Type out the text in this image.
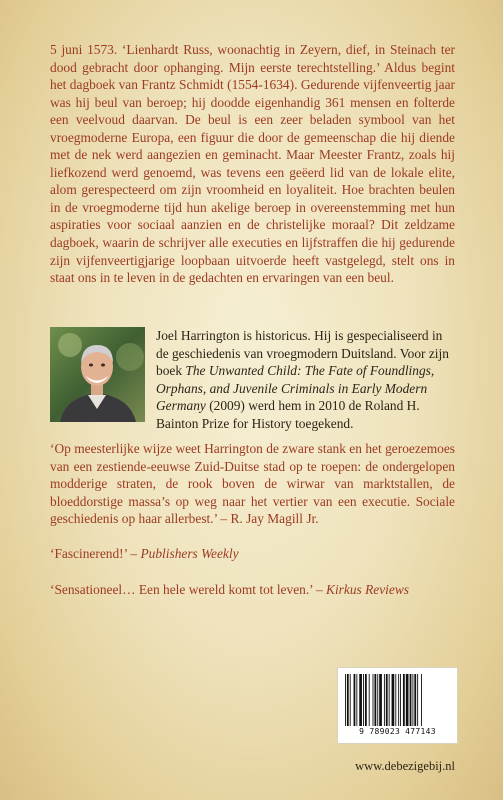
5 juni 1573. ‘Lienhardt Russ, woonachtig in Zeyern, dief, in Steinach ter dood gebracht door ophanging. Mijn eerste terechtstelling.’ Aldus begint het dagboek van Frantz Schmidt (1554-1634). Gedurende vijfenveertig jaar was hij beul van beroep; hij doodde eigenhandig 361 mensen en folterde een veelvoud daarvan. De beul is een zeer beladen symbool van het vroegmoderne Europa, een figuur die door de gemeenschap die hij diende met de nek werd aangezien en geminacht. Maar Meester Frantz, zoals hij liefkozend werd genoemd, was tevens een geëerd lid van de lokale elite, alom gerespecteerd om zijn vroomheid en loyaliteit. Hoe brachten beulen in de vroegmoderne tijd hun akelige beroep in overeenstemming met hun aspiraties voor sociaal aanzien en de christelijke moraal? Dit zeldzame dagboek, waarin de schrijver alle executies en lijfstraffen die hij gedurende zijn vijfenveertigjarige loopbaan uitvoerde heeft vastgelegd, stelt ons in staat ons in te leven in de gedachten en ervaringen van een beul.

Joel Harrington is historicus. Hij is gespecialiseerd in de geschiedenis van vroegmodern Duitsland. Voor zijn boek The Unwanted Child: The Fate of Foundlings, Orphans, and Juvenile Criminals in Early Modern Germany (2009) werd hem in 2010 de Roland H. Bainton Prize for History toegekend.

‘Op meesterlijke wijze weet Harrington de zware stank en het geroezemoes van een zestiende-eeuwse Zuid-Duitse stad op te roepen: de ondergelopen modderige straten, de rook boven de wirwar van marktstallen, de bloeddorstige massa’s op weg naar het vertier van een executie. Sociale geschiedenis op haar allerbest.’ – R. Jay Magill Jr.

‘Fascinerend!’ – Publishers Weekly

‘Sensationeel… Een hele wereld komt tot leven.’ – Kirkus Reviews

9 789023 477143
www.debezigebij.nl
